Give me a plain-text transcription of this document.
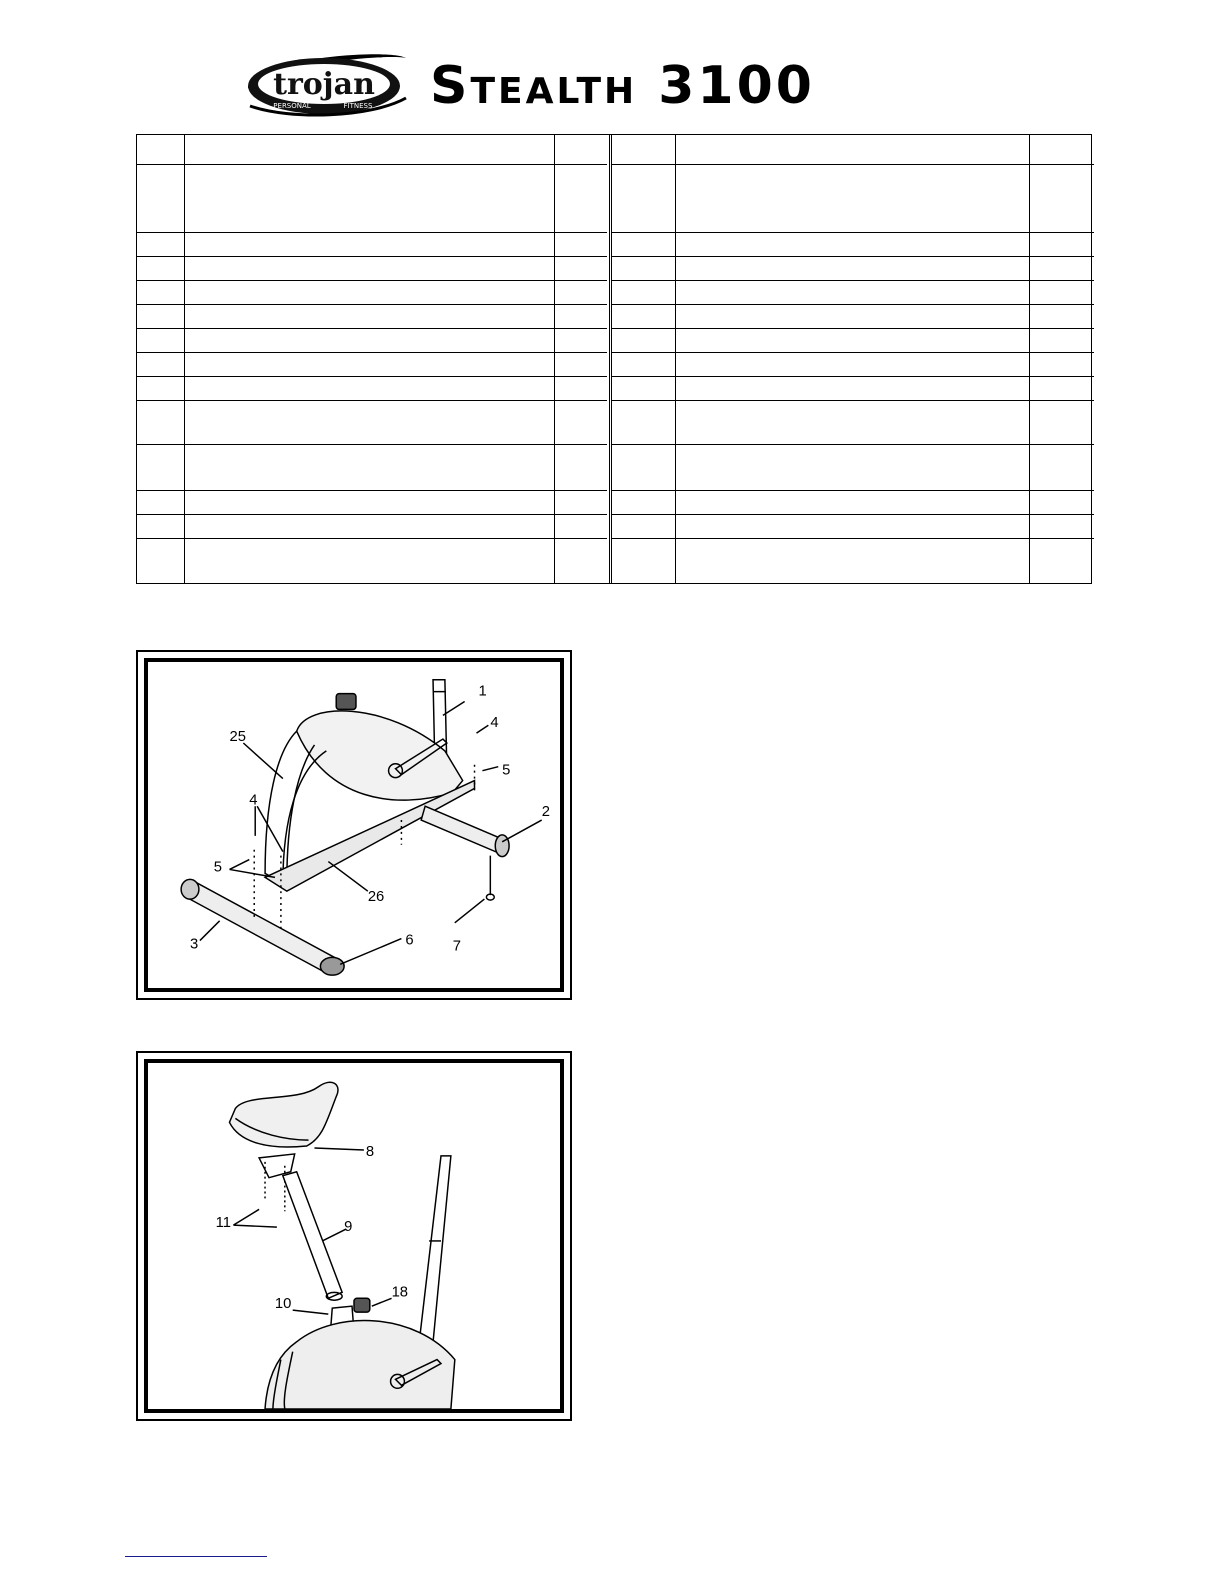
trojan
PERSONAL	FITNESS Stealth 3100
1
4
5
2
25
4
5
26
3	6	7
8
11	9
10
18
